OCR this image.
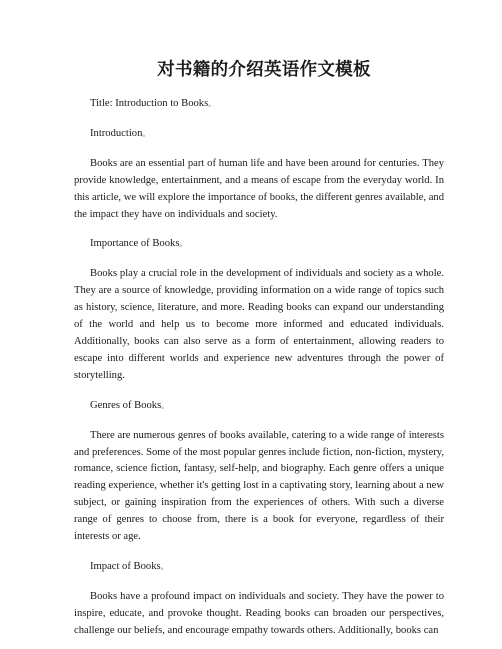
对书籍的介绍英语作文模板

Title: Introduction to Books。

Introduction。

Books are an essential part of human life and have been around for centuries. They provide knowledge, entertainment, and a means of escape from the everyday world. In this article, we will explore the importance of books, the different genres available, and the impact they have on individuals and society.

Importance of Books。

Books play a crucial role in the development of individuals and society as a whole. They are a source of knowledge, providing information on a wide range of topics such as history, science, literature, and more. Reading books can expand our understanding of the world and help us to become more informed and educated individuals. Additionally, books can also serve as a form of entertainment, allowing readers to escape into different worlds and experience new adventures through the power of storytelling.

Genres of Books。

There are numerous genres of books available, catering to a wide range of interests and preferences. Some of the most popular genres include fiction, non-fiction, mystery, romance, science fiction, fantasy, self-help, and biography. Each genre offers a unique reading experience, whether it's getting lost in a captivating story, learning about a new subject, or gaining inspiration from the experiences of others. With such a diverse range of genres to choose from, there is a book for everyone, regardless of their interests or age.

Impact of Books。

Books have a profound impact on individuals and society. They have the power to inspire, educate, and provoke thought. Reading books can broaden our perspectives, challenge our beliefs, and encourage empathy towards others. Additionally, books can
